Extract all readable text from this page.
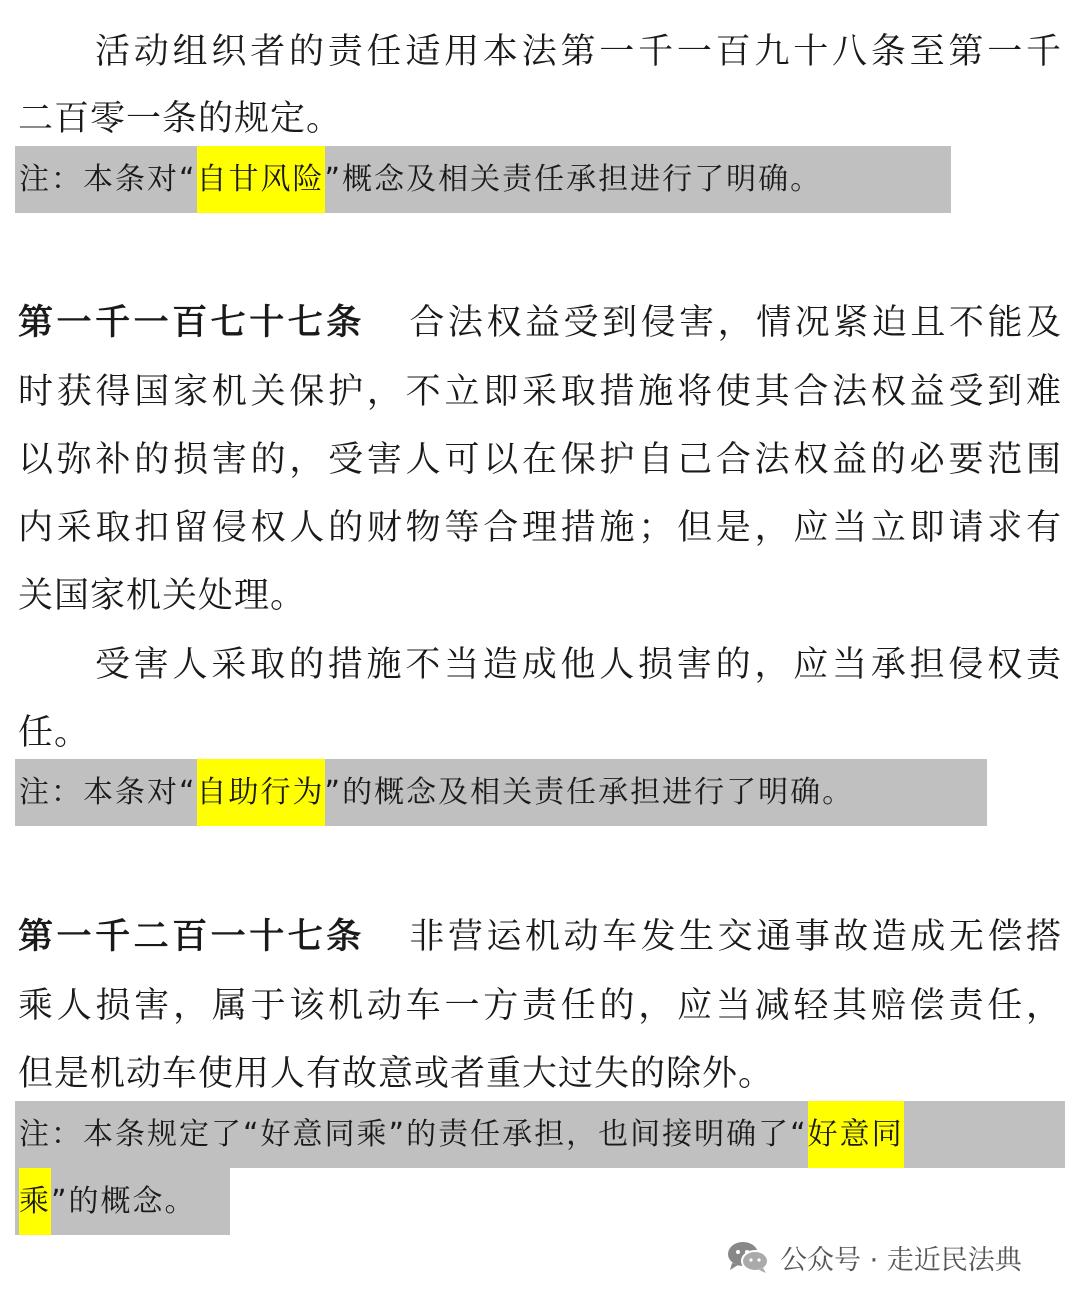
活动组织者的责任适用本法第一千一百九十八条至第一千
二百零一条的规定。
注：本条对“自甘风险”概念及相关责任承担进行了明确。
第一千一百七十七条 合法权益受到侵害，情况紧迫且不能及
时获得国家机关保护，不立即采取措施将使其合法权益受到难
以弥补的损害的，受害人可以在保护自己合法权益的必要范围
内采取扣留侵权人的财物等合理措施；但是，应当立即请求有
关国家机关处理。
受害人采取的措施不当造成他人损害的，应当承担侵权责
任。
注：本条对“自助行为”的概念及相关责任承担进行了明确。
第一千二百一十七条 非营运机动车发生交通事故造成无偿搭
乘人损害，属于该机动车一方责任的，应当减轻其赔偿责任，
但是机动车使用人有故意或者重大过失的除外。
注：本条规定了“好意同乘”的责任承担，也间接明确了“好意同
乘”的概念。
公众号 · 走近民法典
